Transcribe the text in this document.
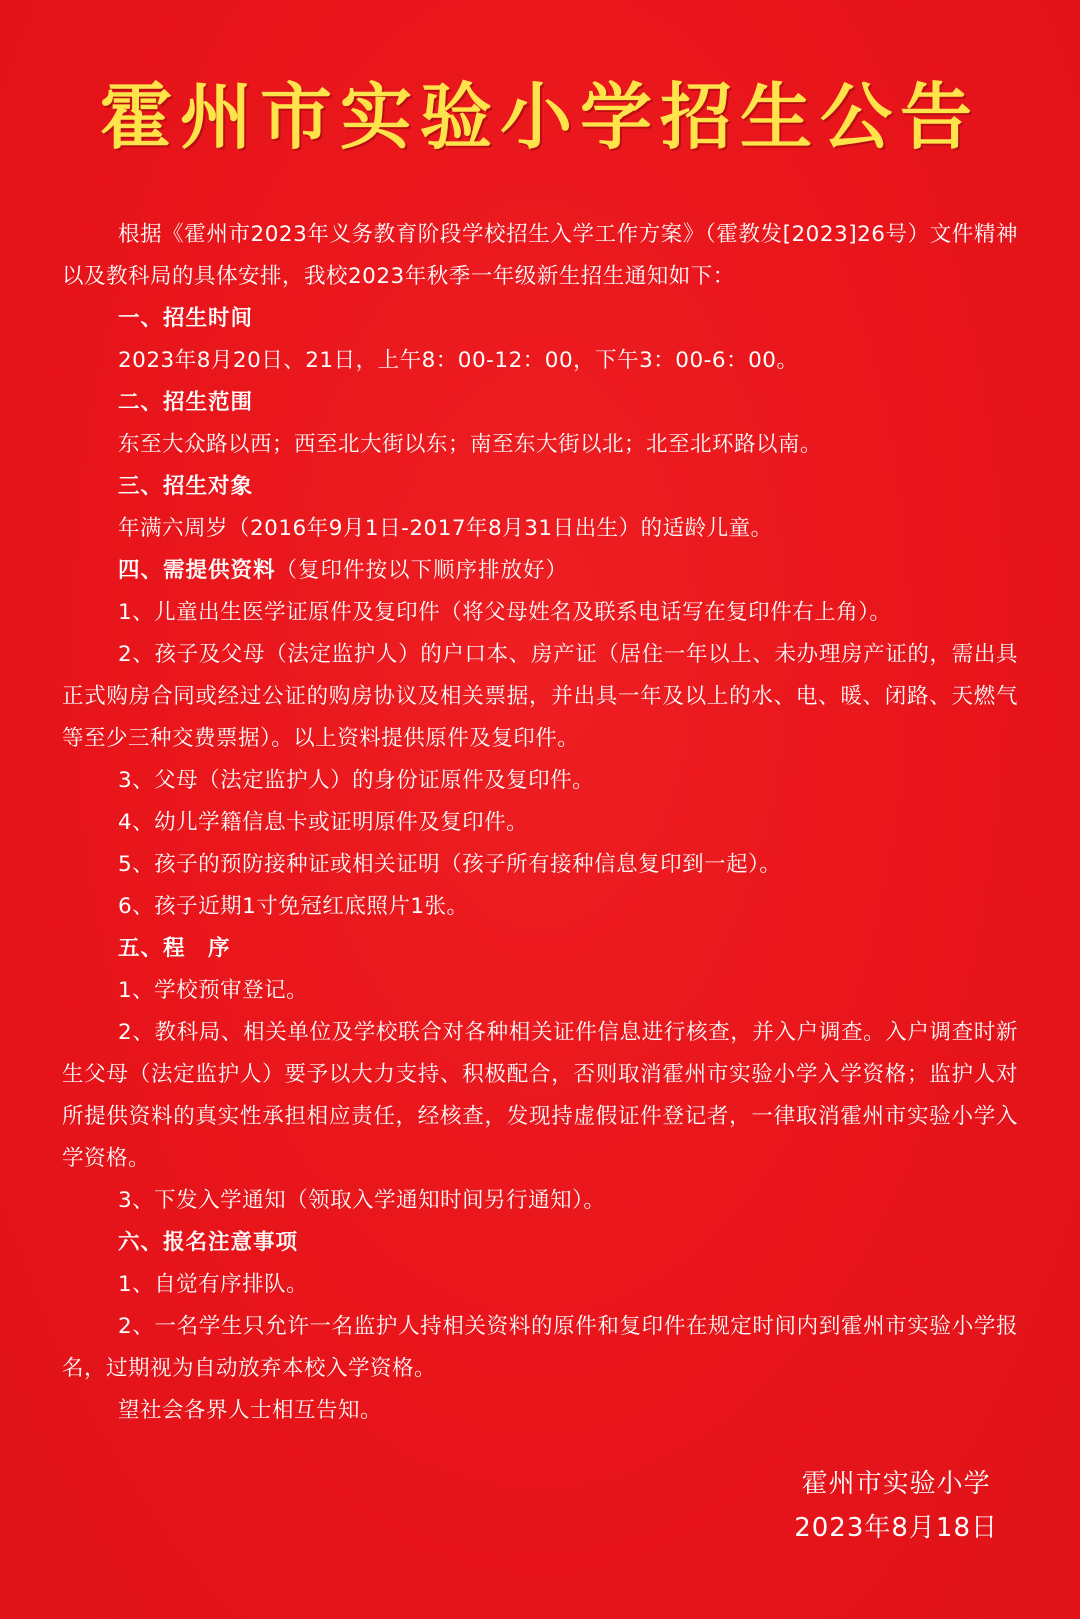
霍州市实验小学招生公告

根据《霍州市2023年义务教育阶段学校招生入学工作方案》（霍教发[2023]26号）文件精神以及教科局的具体安排，我校2023年秋季一年级新生招生通知如下：

一、招生时间

2023年8月20日、21日，上午8：00-12：00，下午3：00-6：00。

二、招生范围

东至大众路以西；西至北大街以东；南至东大街以北；北至北环路以南。

三、招生对象

年满六周岁（2016年9月1日-2017年8月31日出生）的适龄儿童。

四、需提供资料（复印件按以下顺序排放好）

1、儿童出生医学证原件及复印件（将父母姓名及联系电话写在复印件右上角）。

2、孩子及父母（法定监护人）的户口本、房产证（居住一年以上、未办理房产证的，需出具正式购房合同或经过公证的购房协议及相关票据，并出具一年及以上的水、电、暖、闭路、天燃气等至少三种交费票据）。以上资料提供原件及复印件。

3、父母（法定监护人）的身份证原件及复印件。

4、幼儿学籍信息卡或证明原件及复印件。

5、孩子的预防接种证或相关证明（孩子所有接种信息复印到一起）。

6、孩子近期1寸免冠红底照片1张。

五、程　序

1、学校预审登记。

2、教科局、相关单位及学校联合对各种相关证件信息进行核查，并入户调查。入户调查时新生父母（法定监护人）要予以大力支持、积极配合，否则取消霍州市实验小学入学资格；监护人对所提供资料的真实性承担相应责任，经核查，发现持虚假证件登记者，一律取消霍州市实验小学入学资格。

3、下发入学通知（领取入学通知时间另行通知）。

六、报名注意事项

1、自觉有序排队。

2、一名学生只允许一名监护人持相关资料的原件和复印件在规定时间内到霍州市实验小学报名，过期视为自动放弃本校入学资格。

望社会各界人士相互告知。

霍州市实验小学
2023年8月18日
